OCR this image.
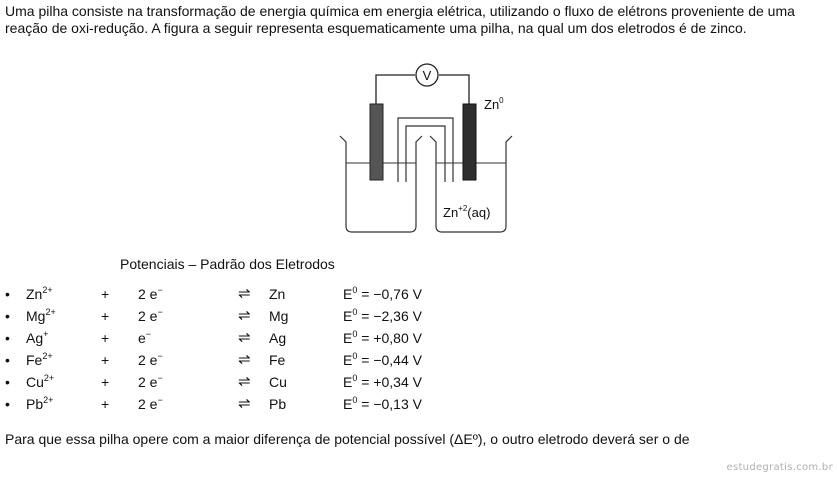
Uma pilha consiste na transformação de energia química em energia elétrica, utilizando o fluxo de elétrons proveniente de uma reação de oxi-redução. A figura a seguir representa esquematicamente uma pilha, na qual um dos eletrodos é de zinco.

V
Zn$^0$
$Zn^{+2}(aq)$
Potenciais – Padrão dos Eletrodos
• $Zn^{2+}$	+ 2 e−	⇌ Zn	$E^0 = -0,76$ V
• $Mg^{2+}$	+ 2 e−	⇌ Mg	$E^0 = -2,36$ V
• Ag+	+ e−	⇌ Ag	$E^0 = +0,80$ V
• $Fe^{2+}$	+ 2 e−	⇌ Fe	$E^0 = -0,44$ V
• $Cu^{2+}$	+ 2 e−	⇌ Cu	$E^0 = +0,34$ V
• $Pb^{2+}$	+ 2 e−	⇌ Pb	$E^0 = -0,13$ V

Para que essa pilha opere com a maior diferença de potencial possível (ΔEº), o outro eletrodo deverá ser o de

estudegratis.com.br
